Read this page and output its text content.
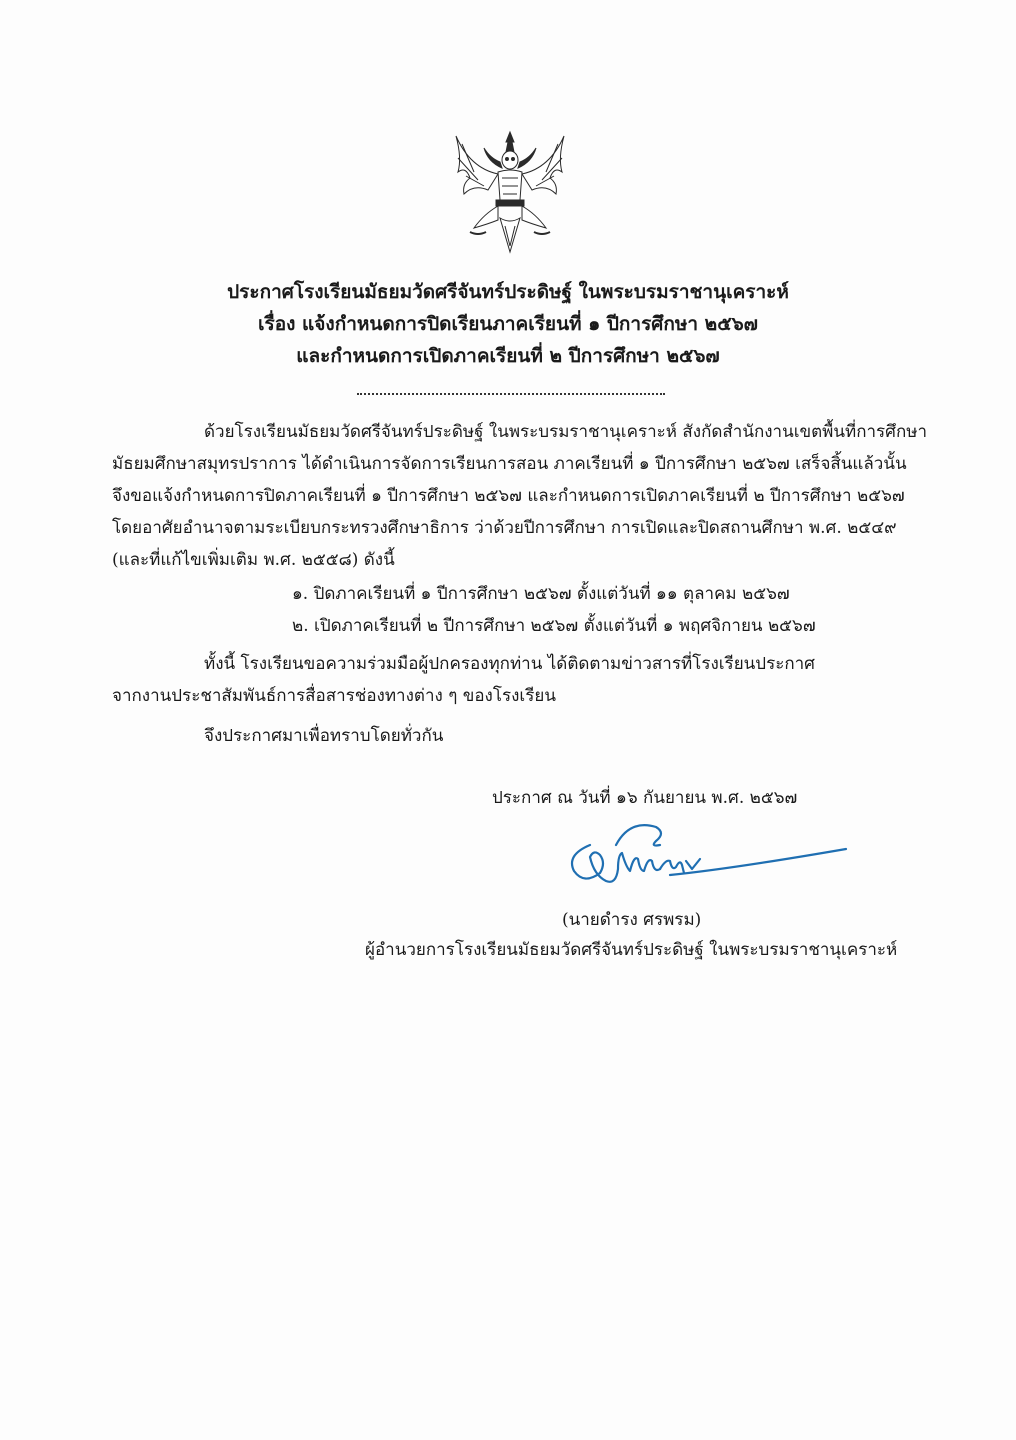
ประกาศโรงเรียนมัธยมวัดศรีจันทร์ประดิษฐ์ ในพระบรมราชานุเคราะห์
เรื่อง แจ้งกำหนดการปิดเรียนภาคเรียนที่ ๑ ปีการศึกษา ๒๕๖๗
และกำหนดการเปิดภาคเรียนที่ ๒ ปีการศึกษา ๒๕๖๗
ด้วยโรงเรียนมัธยมวัดศรีจันทร์ประดิษฐ์ ในพระบรมราชานุเคราะห์ สังกัดสำนักงานเขตพื้นที่การศึกษา
มัธยมศึกษาสมุทรปราการ ได้ดำเนินการจัดการเรียนการสอน ภาคเรียนที่ ๑ ปีการศึกษา ๒๕๖๗ เสร็จสิ้นแล้วนั้น
จึงขอแจ้งกำหนดการปิดภาคเรียนที่ ๑ ปีการศึกษา ๒๕๖๗ และกำหนดการเปิดภาคเรียนที่ ๒ ปีการศึกษา ๒๕๖๗
โดยอาศัยอำนาจตามระเบียบกระทรวงศึกษาธิการ ว่าด้วยปีการศึกษา การเปิดและปิดสถานศึกษา พ.ศ. ๒๕๔๙
(และที่แก้ไขเพิ่มเติม พ.ศ. ๒๕๕๘) ดังนี้
๑. ปิดภาคเรียนที่ ๑ ปีการศึกษา ๒๕๖๗ ตั้งแต่วันที่ ๑๑ ตุลาคม ๒๕๖๗
๒. เปิดภาคเรียนที่ ๒ ปีการศึกษา ๒๕๖๗ ตั้งแต่วันที่ ๑ พฤศจิกายน ๒๕๖๗
ทั้งนี้ โรงเรียนขอความร่วมมือผู้ปกครองทุกท่าน ได้ติดตามข่าวสารที่โรงเรียนประกาศ
จากงานประชาสัมพันธ์การสื่อสารช่องทางต่าง ๆ ของโรงเรียน
จึงประกาศมาเพื่อทราบโดยทั่วกัน
ประกาศ ณ วันที่ ๑๖ กันยายน พ.ศ. ๒๕๖๗
(นายดำรง ศรพรม)
ผู้อำนวยการโรงเรียนมัธยมวัดศรีจันทร์ประดิษฐ์ ในพระบรมราชานุเคราะห์
